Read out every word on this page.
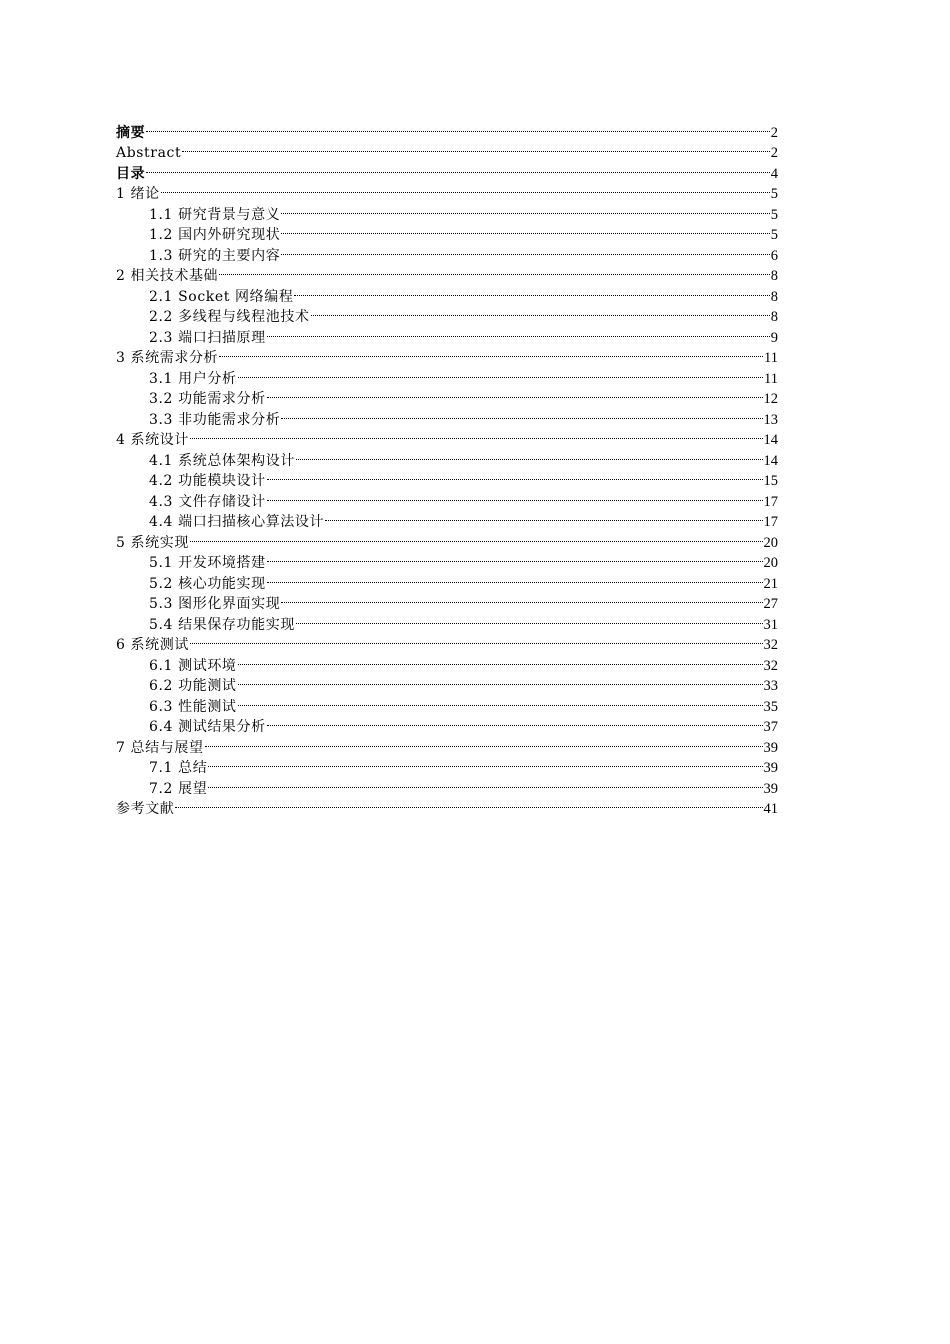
摘要	2
Abstract	2
目录	4
1 绪论	5
1.1 研究背景与意义	5
1.2 国内外研究现状	5
1.3 研究的主要内容	6
2 相关技术基础	8
2.1 Socket 网络编程	8
2.2 多线程与线程池技术	8
2.3 端口扫描原理	9
3 系统需求分析	11
3.1 用户分析	11
3.2 功能需求分析	12
3.3 非功能需求分析	13
4 系统设计	14
4.1 系统总体架构设计	14
4.2 功能模块设计	15
4.3 文件存储设计	17
4.4 端口扫描核心算法设计	17
5 系统实现	20
5.1 开发环境搭建	20
5.2 核心功能实现	21
5.3 图形化界面实现	27
5.4 结果保存功能实现	31
6 系统测试	32
6.1 测试环境	32
6.2 功能测试	33
6.3 性能测试	35
6.4 测试结果分析	37
7 总结与展望	39
7.1 总结	39
7.2 展望	39
参考文献	41
